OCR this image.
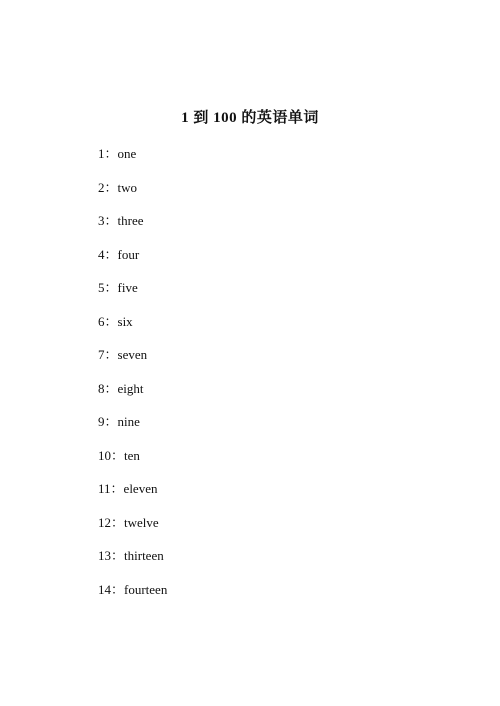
1 到 100 的英语单词
1：one
2：two
3：three
4：four
5：five
6：six
7：seven
8：eight
9：nine
10：ten
11：eleven
12：twelve
13：thirteen
14：fourteen
